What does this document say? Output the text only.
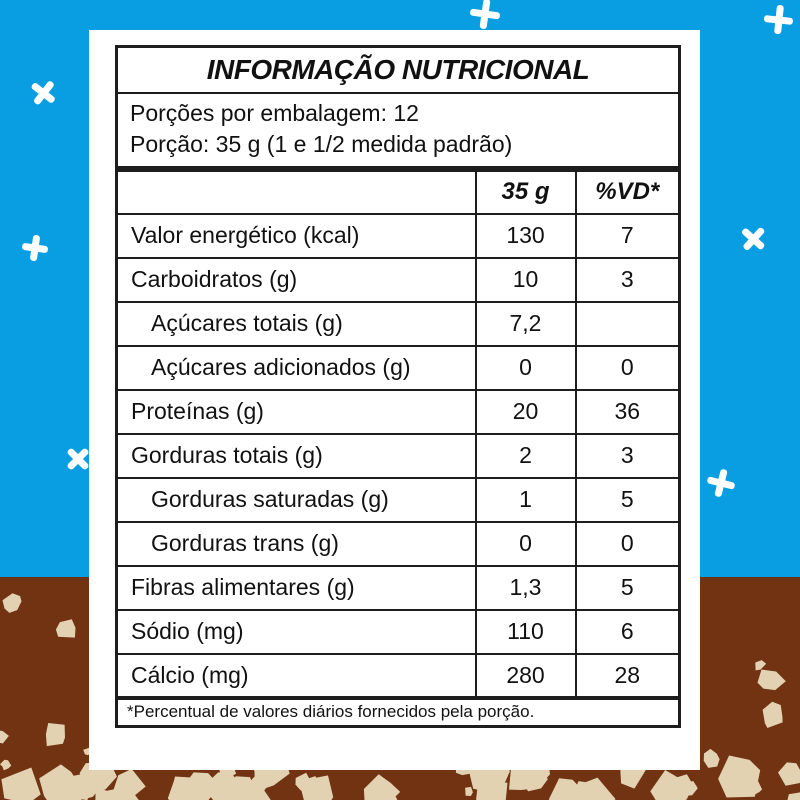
INFORMAÇÃO NUTRICIONAL		

Porções por embalagem: 12
Porção: 35 g (1 e 1/2 medida padrão)		

	35 g	%VD*
Valor energético (kcal)	130	7
Carboidratos (g)	10	3
Açúcares totais (g)	7,2	
Açúcares adicionados (g)	0	0
Proteínas (g)	20	36
Gorduras totais (g)	2	3
Gorduras saturadas (g)	1	5
Gorduras trans (g)	0	0
Fibras alimentares (g)	1,3	5
Sódio (mg)	110	6
Cálcio (mg)	280	28
*Percentual de valores diários fornecidos pela porção.		
